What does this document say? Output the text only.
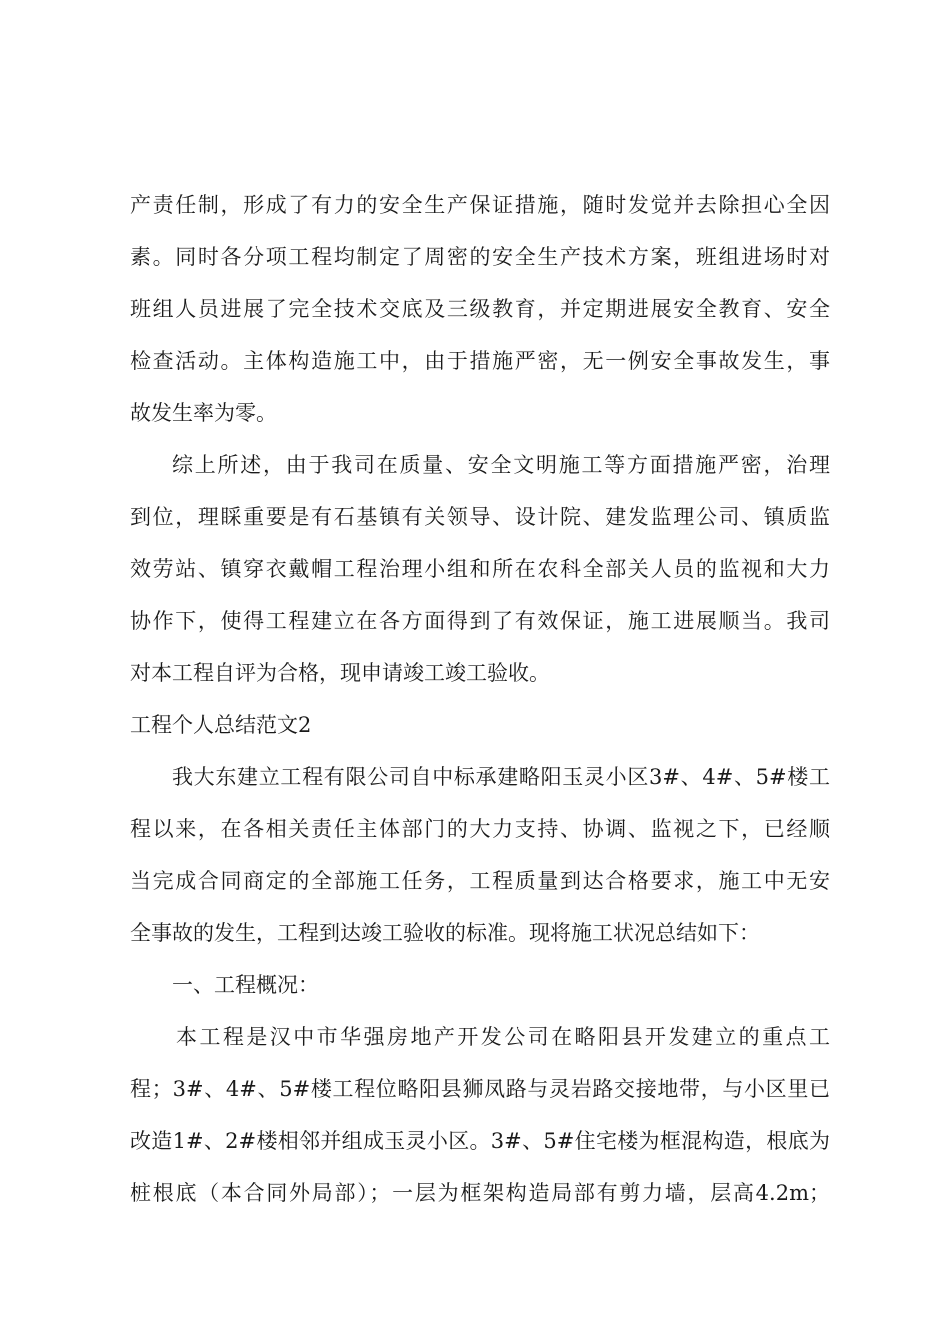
产责任制，形成了有力的安全生产保证措施，随时发觉并去除担心全因
素。同时各分项工程均制定了周密的安全生产技术方案，班组进场时对
班组人员进展了完全技术交底及三级教育，并定期进展安全教育、安全
检查活动。主体构造施工中，由于措施严密，无一例安全事故发生，事
故发生率为零。
综上所述，由于我司在质量、安全文明施工等方面措施严密，治理
到位，理睬重要是有石基镇有关领导、设计院、建发监理公司、镇质监
效劳站、镇穿衣戴帽工程治理小组和所在农科全部关人员的监视和大力
协作下，使得工程建立在各方面得到了有效保证，施工进展顺当。我司
对本工程自评为合格，现申请竣工竣工验收。
工程个人总结范文2
我大东建立工程有限公司自中标承建略阳玉灵小区3#、4#、5#楼工
程以来，在各相关责任主体部门的大力支持、协调、监视之下，已经顺
当完成合同商定的全部施工任务，工程质量到达合格要求，施工中无安
全事故的发生，工程到达竣工验收的标准。现将施工状况总结如下：
一、工程概况：
本工程是汉中市华强房地产开发公司在略阳县开发建立的重点工
程；3#、4#、5#楼工程位略阳县狮凤路与灵岩路交接地带，与小区里已
改造1#、2#楼相邻并组成玉灵小区。3#、5#住宅楼为框混构造，根底为
桩根底（本合同外局部）；一层为框架构造局部有剪力墙，层高4.2m；
